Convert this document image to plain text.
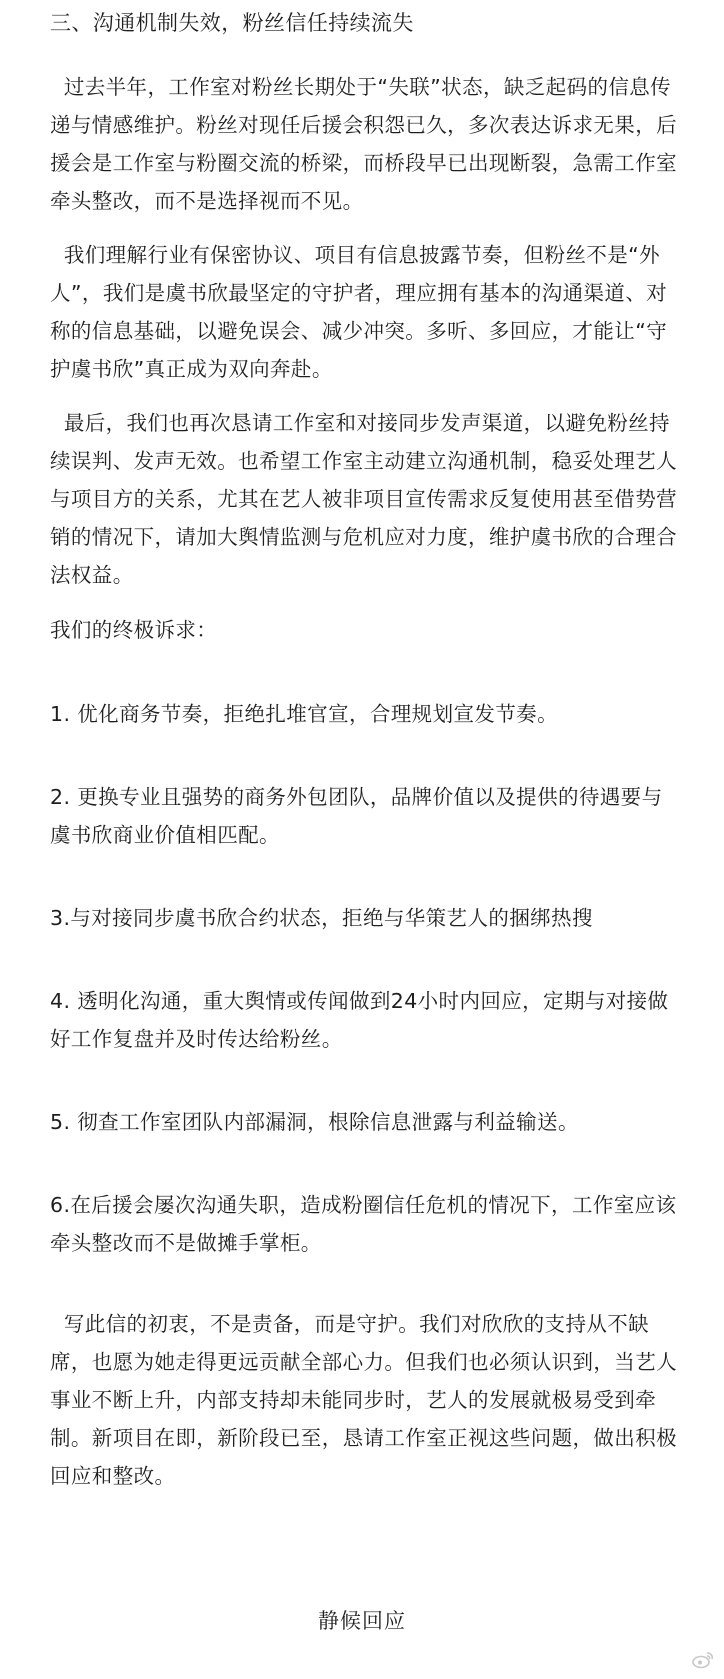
三、沟通机制失效，粉丝信任持续流失

过去半年，工作室对粉丝长期处于“失联”状态，缺乏起码的信息传递与情感维护。粉丝对现任后援会积怨已久，多次表达诉求无果，后援会是工作室与粉圈交流的桥梁，而桥段早已出现断裂，急需工作室牵头整改，而不是选择视而不见。

我们理解行业有保密协议、项目有信息披露节奏，但粉丝不是“外人”，我们是虞书欣最坚定的守护者，理应拥有基本的沟通渠道、对称的信息基础，以避免误会、减少冲突。多听、多回应，才能让“守护虞书欣”真正成为双向奔赴。

最后，我们也再次恳请工作室和对接同步发声渠道，以避免粉丝持续误判、发声无效。也希望工作室主动建立沟通机制，稳妥处理艺人与项目方的关系，尤其在艺人被非项目宣传需求反复使用甚至借势营销的情况下，请加大舆情监测与危机应对力度，维护虞书欣的合理合法权益。

我们的终极诉求：

1. 优化商务节奏，拒绝扎堆官宣，合理规划宣发节奏。

2. 更换专业且强势的商务外包团队，品牌价值以及提供的待遇要与虞书欣商业价值相匹配。

3.与对接同步虞书欣合约状态，拒绝与华策艺人的捆绑热搜

4. 透明化沟通，重大舆情或传闻做到24小时内回应，定期与对接做好工作复盘并及时传达给粉丝。

5. 彻查工作室团队内部漏洞，根除信息泄露与利益输送。

6.在后援会屡次沟通失职，造成粉圈信任危机的情况下，工作室应该牵头整改而不是做摊手掌柜。

写此信的初衷，不是责备，而是守护。我们对欣欣的支持从不缺席，也愿为她走得更远贡献全部心力。但我们也必须认识到，当艺人事业不断上升，内部支持却未能同步时，艺人的发展就极易受到牵制。新项目在即，新阶段已至，恳请工作室正视这些问题，做出积极回应和整改。

静候回应
